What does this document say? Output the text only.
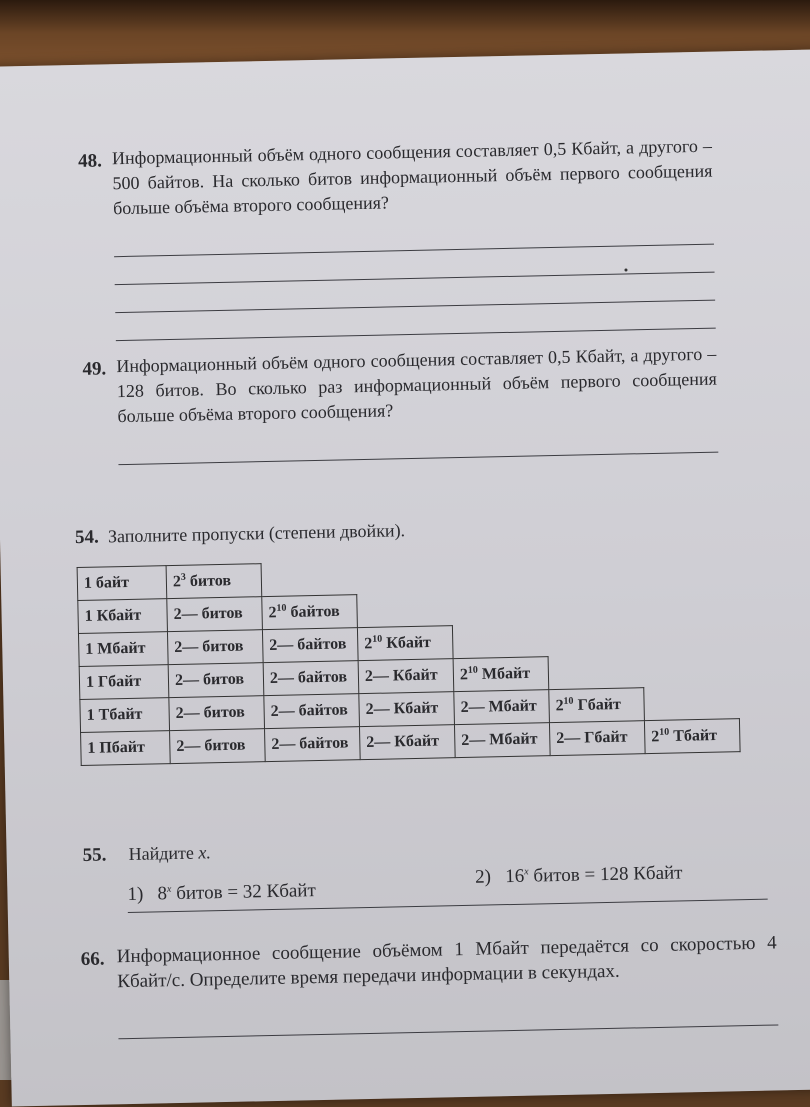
48. Информационный объём одного сообщения составляет 0,5 Кбайт, а другого – 500 байтов. На сколько битов информационный объём первого сообщения больше объёма второго сообщения?
49. Информационный объём одного сообщения составляет 0,5 Кбайт, а другого – 128 битов. Во сколько раз информационный объём первого сообщения больше объёма второго сообщения?
54. Заполните пропуски (степени двойки).
1 байт	$2^3$ битов					
1 Кбайт	2— битов	$2^{10}$ байтов				
1 Мбайт	2— битов	2— байтов	$2^{10}$ Кбайт			
1 Гбайт	2— битов	2— байтов	2— Кбайт	$2^{10}$ Мбайт		
1 Тбайт	2— битов	2— байтов	2— Кбайт	2— Мбайт	$2^{10}$ Гбайт	
1 Пбайт	2— битов	2— байтов	2— Кбайт	2— Мбайт	2— Гбайт	$2^{10}$ Тбайт
55. Найдите x.
1) 8$^x$ битов = 32 Кбайт
2) 16$^x$ битов = 128 Кбайт
66. Информационное сообщение объёмом 1 Мбайт передаётся со скоростью 4 Кбайт/с. Определите время передачи информации в секундах.
